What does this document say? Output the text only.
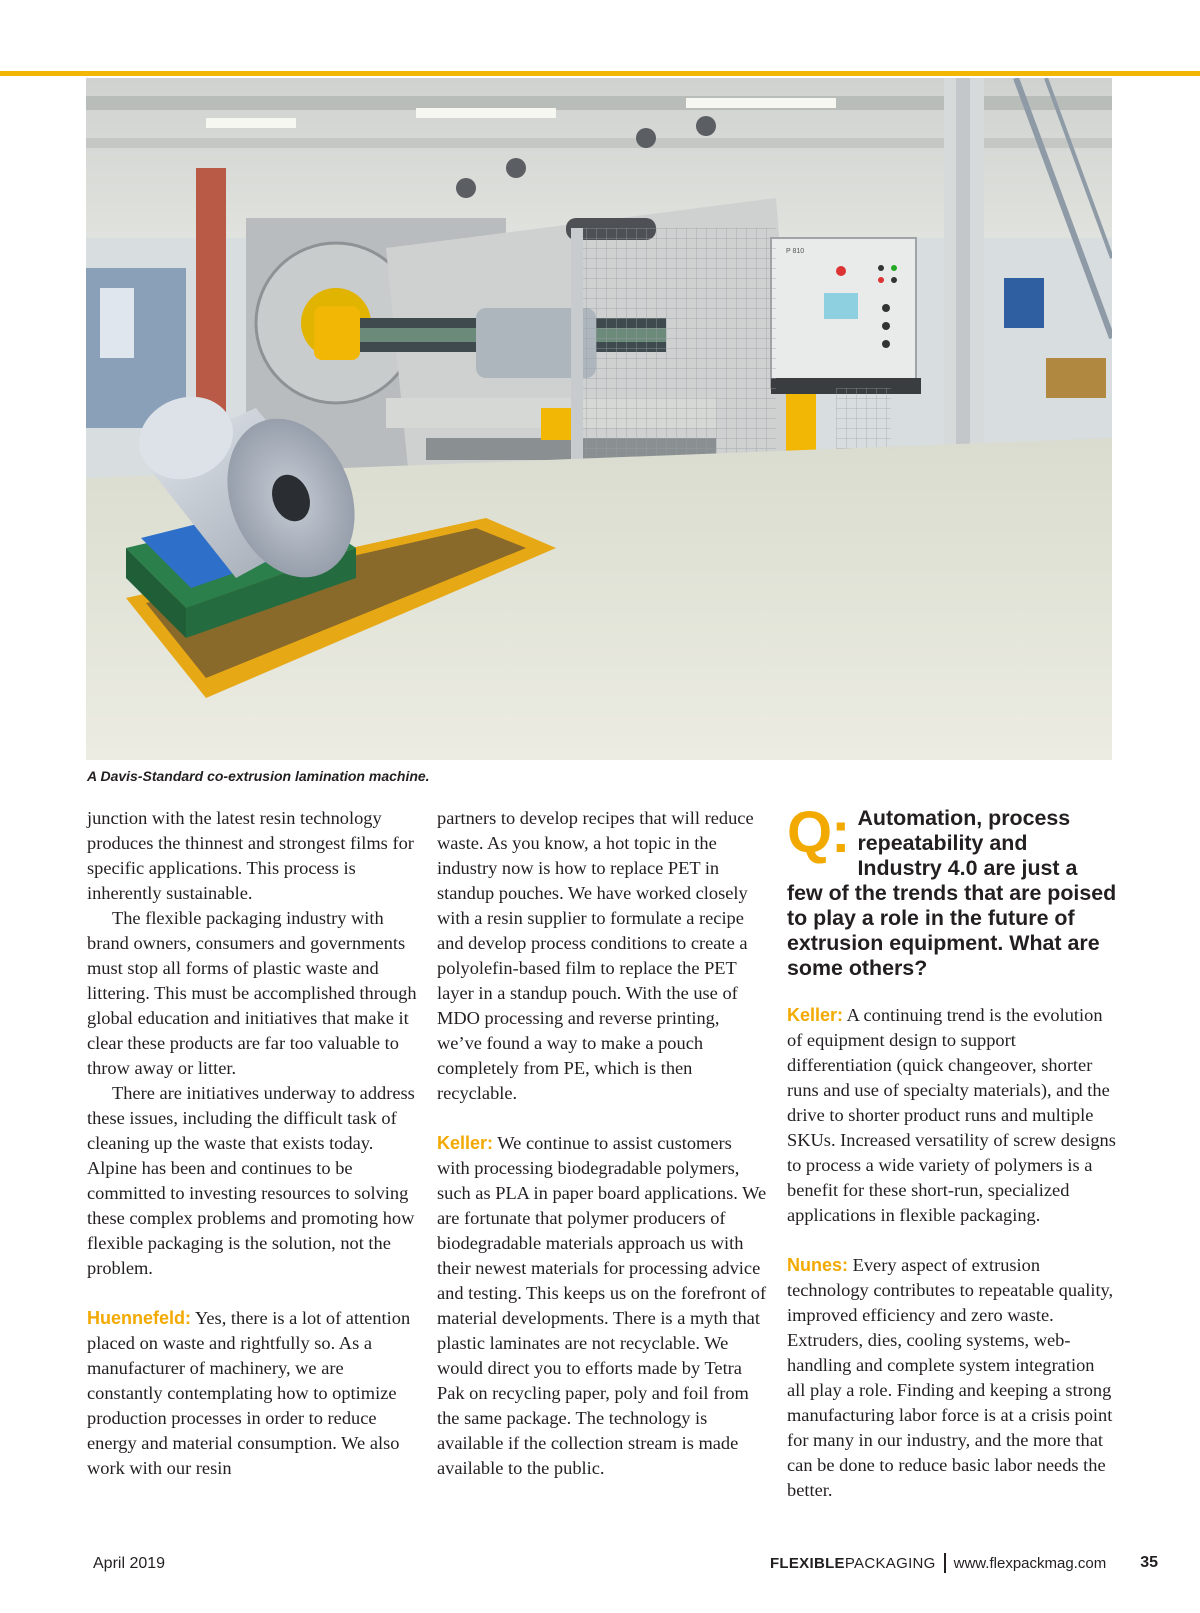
P 810
A Davis-Standard co-extrusion lamination machine.

junction with the latest resin technology produces the thinnest and strongest films for specific applications. This process is inherently sustainable.

The flexible packaging industry with brand owners, consumers and governments must stop all forms of plastic waste and littering. This must be accomplished through global education and initiatives that make it clear these products are far too valuable to throw away or litter.

There are initiatives underway to address these issues, including the difficult task of cleaning up the waste that exists today. Alpine has been and continues to be committed to investing resources to solving these complex problems and promoting how flexible packaging is the solution, not the problem.

Huennefeld: Yes, there is a lot of attention placed on waste and rightfully so. As a manufacturer of machinery, we are constantly contemplating how to optimize production processes in order to reduce energy and material consumption. We also work with our resin

partners to develop recipes that will reduce waste. As you know, a hot topic in the industry now is how to replace PET in standup pouches. We have worked closely with a resin supplier to formulate a recipe and develop process conditions to create a polyolefin-based film to replace the PET layer in a standup pouch. With the use of MDO processing and reverse printing, we’ve found a way to make a pouch completely from PE, which is then recyclable.

Keller: We continue to assist customers with processing biodegradable polymers, such as PLA in paper board applications. We are fortunate that polymer producers of biodegradable materials approach us with their newest materials for processing advice and testing. This keeps us on the forefront of material developments. There is a myth that plastic laminates are not recyclable. We would direct you to efforts made by Tetra Pak on recycling paper, poly and foil from the same package. The technology is available if the collection stream is made available to the public.

Q: Automation, process repeatability and Industry 4.0 are just a few of the trends that are poised to play a role in the future of extrusion equipment. What are some others?

Keller: A continuing trend is the evolution of equipment design to support differentiation (quick changeover, shorter runs and use of specialty materials), and the drive to shorter product runs and multiple SKUs. Increased versatility of screw designs to process a wide variety of polymers is a benefit for these short-run, specialized applications in flexible packaging.

Nunes: Every aspect of extrusion technology contributes to repeatable quality, improved efficiency and zero waste. Extruders, dies, cooling systems, web-handling and complete system integration all play a role. Finding and keeping a strong manufacturing labor force is at a crisis point for many in our industry, and the more that can be done to reduce basic labor needs the better.

April 2019	FLEXIBLE PACKAGING www.flexpackmag.com 35
